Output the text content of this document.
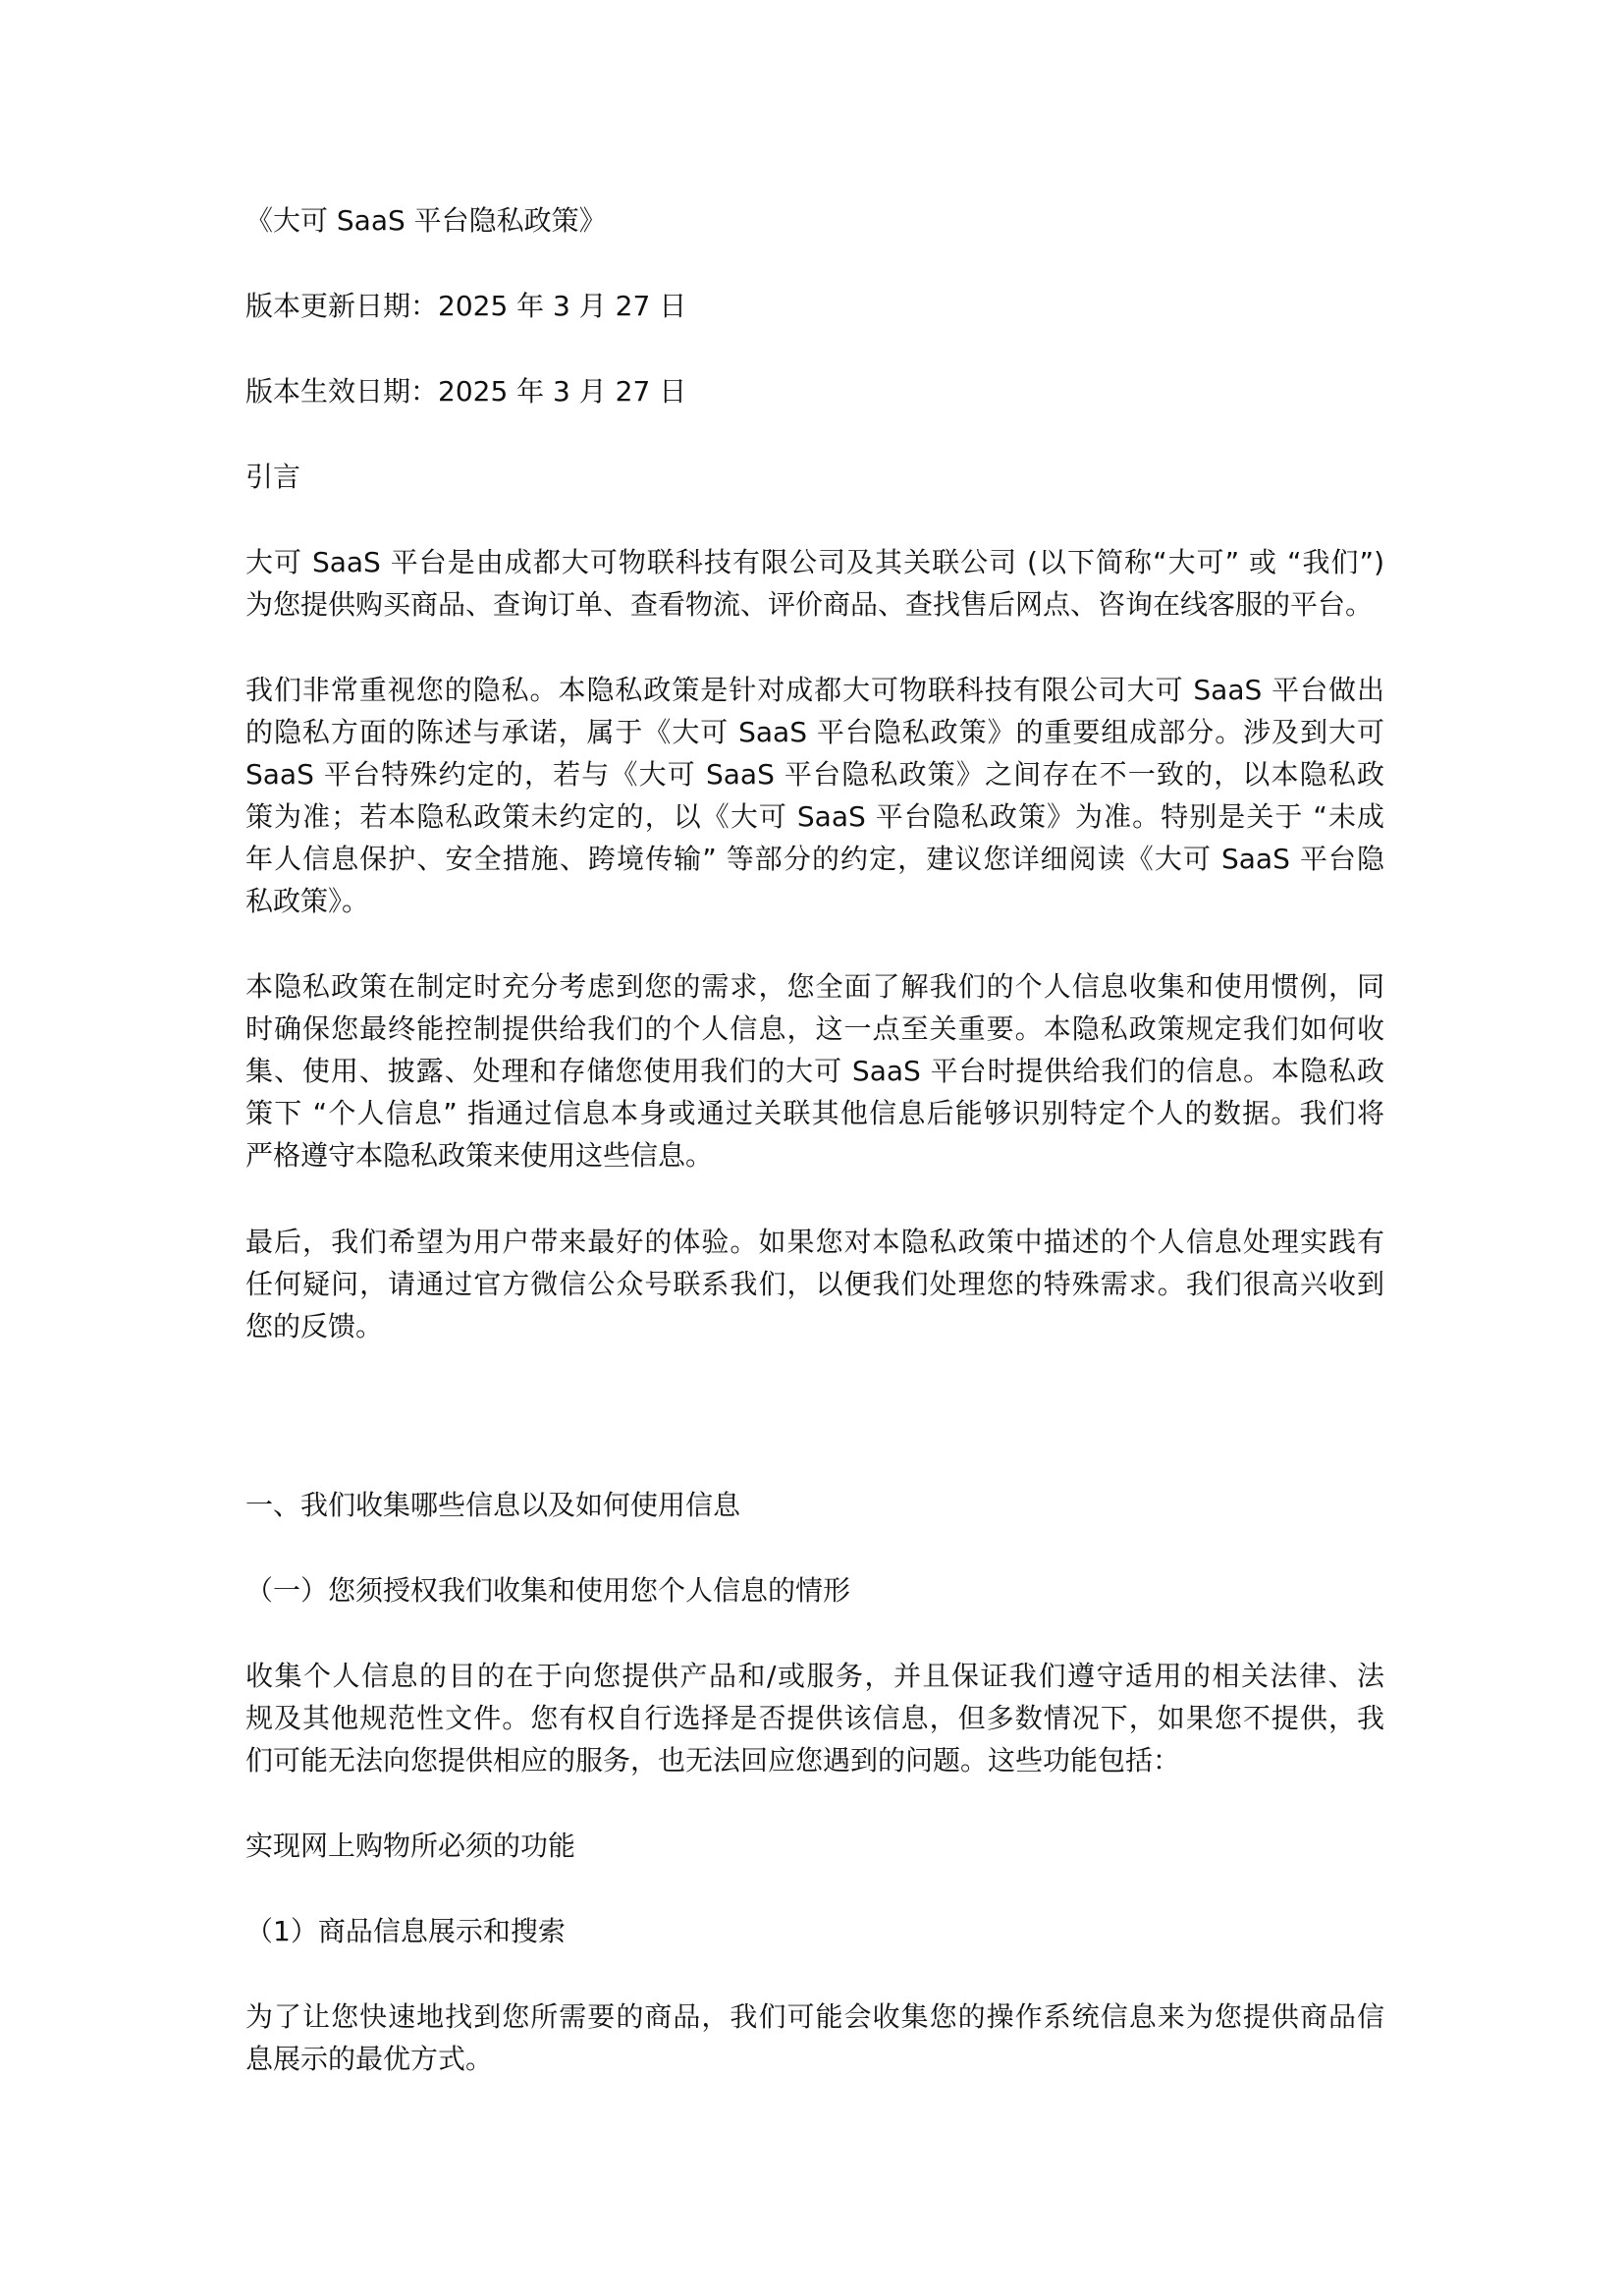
《大可 SaaS 平台隐私政策》

版本更新日期：2025 年 3 月 27 日

版本生效日期：2025 年 3 月 27 日

引言

大可 SaaS 平台是由成都大可物联科技有限公司及其关联公司 (以下简称“大可” 或 “我们”)
为您提供购买商品、查询订单、查看物流、评价商品、查找售后网点、咨询在线客服的平台。
我们非常重视您的隐私。本隐私政策是针对成都大可物联科技有限公司大可 SaaS 平台做出
的隐私方面的陈述与承诺，属于《大可 SaaS 平台隐私政策》的重要组成部分。涉及到大可
SaaS 平台特殊约定的，若与《大可 SaaS 平台隐私政策》之间存在不一致的，以本隐私政
策为准；若本隐私政策未约定的，以《大可 SaaS 平台隐私政策》为准。特别是关于 “未成
年人信息保护、安全措施、跨境传输” 等部分的约定，建议您详细阅读《大可 SaaS 平台隐
私政策》。
本隐私政策在制定时充分考虑到您的需求，您全面了解我们的个人信息收集和使用惯例，同
时确保您最终能控制提供给我们的个人信息，这一点至关重要。本隐私政策规定我们如何收
集、使用、披露、处理和存储您使用我们的大可 SaaS 平台时提供给我们的信息。本隐私政
策下 “个人信息” 指通过信息本身或通过关联其他信息后能够识别特定个人的数据。我们将
严格遵守本隐私政策来使用这些信息。
最后，我们希望为用户带来最好的体验。如果您对本隐私政策中描述的个人信息处理实践有
任何疑问，请通过官方微信公众号联系我们，以便我们处理您的特殊需求。我们很高兴收到
您的反馈。

一、我们收集哪些信息以及如何使用信息

（一）您须授权我们收集和使用您个人信息的情形

收集个人信息的目的在于向您提供产品和/或服务，并且保证我们遵守适用的相关法律、法
规及其他规范性文件。您有权自行选择是否提供该信息，但多数情况下，如果您不提供，我
们可能无法向您提供相应的服务，也无法回应您遇到的问题。这些功能包括：

实现网上购物所必须的功能

（1）商品信息展示和搜索

为了让您快速地找到您所需要的商品，我们可能会收集您的操作系统信息来为您提供商品信
息展示的最优方式。
